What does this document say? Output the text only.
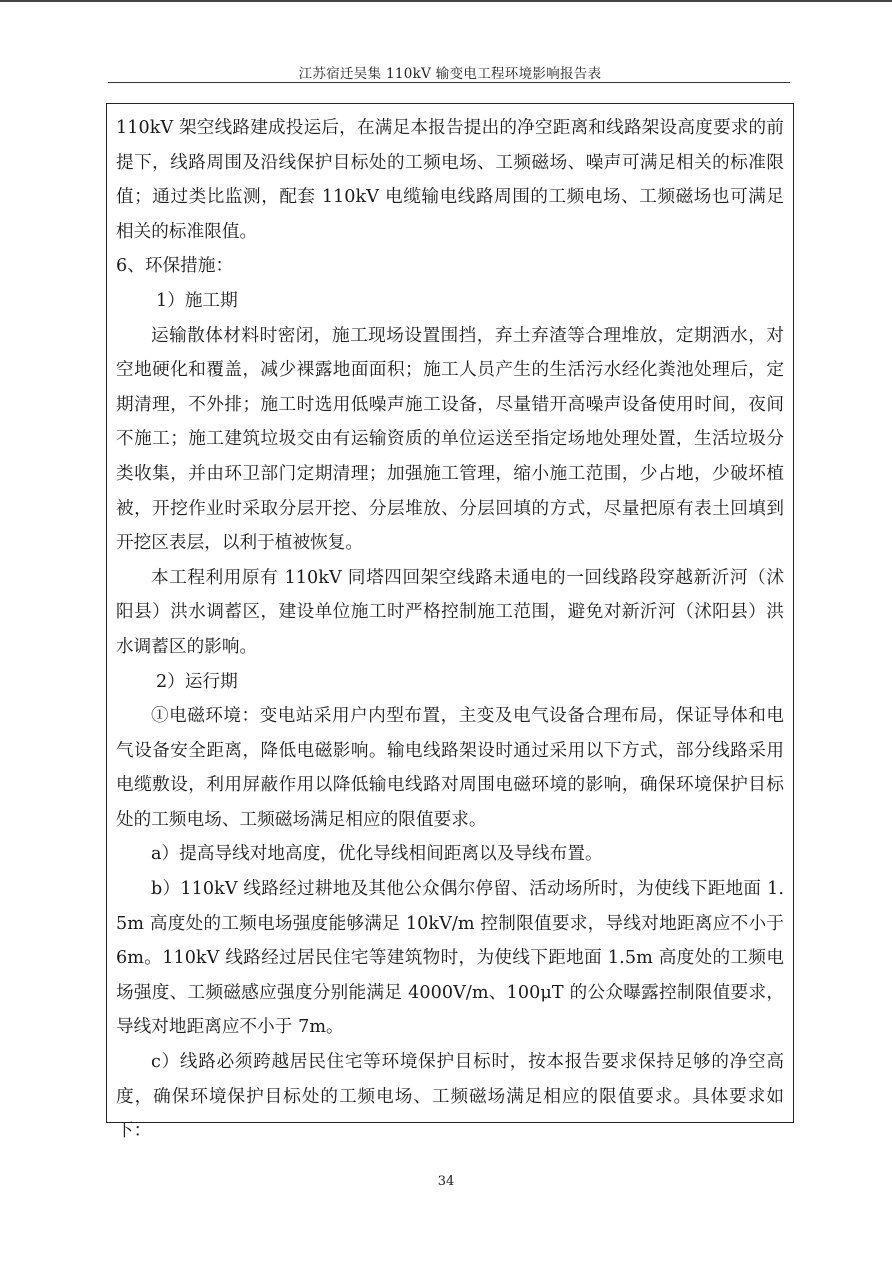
江苏宿迁吴集 110kV 输变电工程环境影响报告表

110kV 架空线路建成投运后，在满足本报告提出的净空距离和线路架设高度要求的前提下，线路周围及沿线保护目标处的工频电场、工频磁场、噪声可满足相关的标准限值；通过类比监测，配套 110kV 电缆输电线路周围的工频电场、工频磁场也可满足相关的标准限值。

6、环保措施：

1）施工期

运输散体材料时密闭，施工现场设置围挡，弃土弃渣等合理堆放，定期洒水，对空地硬化和覆盖，减少裸露地面面积；施工人员产生的生活污水经化粪池处理后，定期清理，不外排；施工时选用低噪声施工设备，尽量错开高噪声设备使用时间，夜间不施工；施工建筑垃圾交由有运输资质的单位运送至指定场地处理处置，生活垃圾分类收集，并由环卫部门定期清理；加强施工管理，缩小施工范围，少占地，少破坏植被，开挖作业时采取分层开挖、分层堆放、分层回填的方式，尽量把原有表土回填到开挖区表层，以利于植被恢复。

本工程利用原有 110kV 同塔四回架空线路未通电的一回线路段穿越新沂河（沭阳县）洪水调蓄区，建设单位施工时严格控制施工范围，避免对新沂河（沭阳县）洪水调蓄区的影响。

2）运行期

①电磁环境：变电站采用户内型布置，主变及电气设备合理布局，保证导体和电气设备安全距离，降低电磁影响。输电线路架设时通过采用以下方式，部分线路采用电缆敷设，利用屏蔽作用以降低输电线路对周围电磁环境的影响，确保环境保护目标处的工频电场、工频磁场满足相应的限值要求。

a）提高导线对地高度，优化导线相间距离以及导线布置。

b）110kV 线路经过耕地及其他公众偶尔停留、活动场所时，为使线下距地面 1.5m 高度处的工频电场强度能够满足 10kV/m 控制限值要求，导线对地距离应不小于 6m。110kV 线路经过居民住宅等建筑物时，为使线下距地面 1.5m 高度处的工频电场强度、工频磁感应强度分别能满足 4000V/m、100μT 的公众曝露控制限值要求，导线对地距离应不小于 7m。

c）线路必须跨越居民住宅等环境保护目标时，按本报告要求保持足够的净空高度，确保环境保护目标处的工频电场、工频磁场满足相应的限值要求。具体要求如下：

34
